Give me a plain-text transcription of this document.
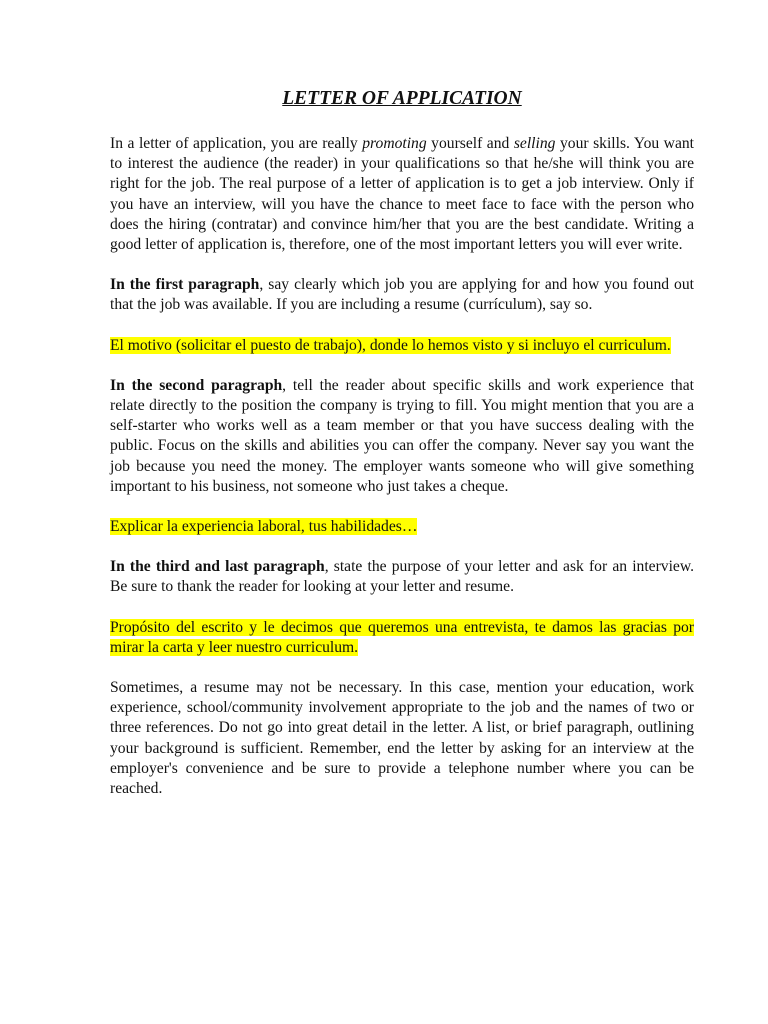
LETTER OF APPLICATION

In a letter of application, you are really promoting yourself and selling your skills. You want to interest the audience (the reader) in your qualifications so that he/she will think you are right for the job. The real purpose of a letter of application is to get a job interview. Only if you have an interview, will you have the chance to meet face to face with the person who does the hiring (contratar) and convince him/her that you are the best candidate. Writing a good letter of application is, therefore, one of the most important letters you will ever write.

In the first paragraph, say clearly which job you are applying for and how you found out that the job was available. If you are including a resume (currículum), say so.

El motivo (solicitar el puesto de trabajo), donde lo hemos visto y si incluyo el curriculum.

In the second paragraph, tell the reader about specific skills and work experience that relate directly to the position the company is trying to fill. You might mention that you are a self-starter who works well as a team member or that you have success dealing with the public. Focus on the skills and abilities you can offer the company. Never say you want the job because you need the money. The employer wants someone who will give something important to his business, not someone who just takes a cheque.

Explicar la experiencia laboral, tus habilidades…

In the third and last paragraph, state the purpose of your letter and ask for an interview. Be sure to thank the reader for looking at your letter and resume.

Propósito del escrito y le decimos que queremos una entrevista, te damos las gracias por mirar la carta y leer nuestro curriculum.

Sometimes, a resume may not be necessary. In this case, mention your education, work experience, school/community involvement appropriate to the job and the names of two or three references. Do not go into great detail in the letter. A list, or brief paragraph, outlining your background is sufficient. Remember, end the letter by asking for an interview at the employer's convenience and be sure to provide a telephone number where you can be reached.
